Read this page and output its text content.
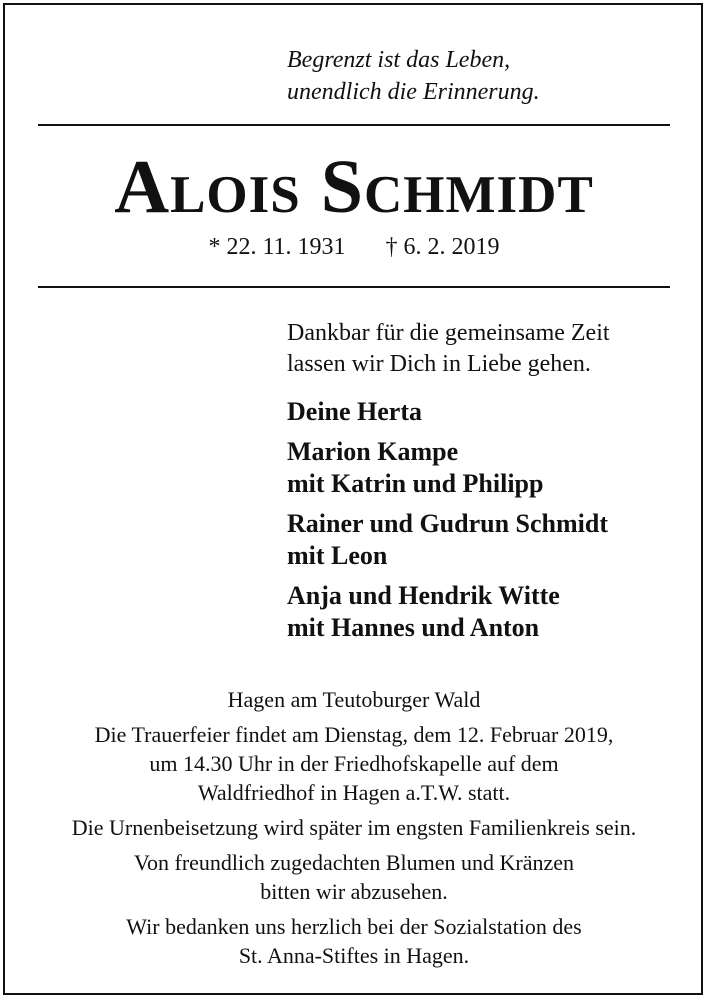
Begrenzt ist das Leben,
unendlich die Erinnerung.
Alois Schmidt
* 22. 11. 1931 † 6. 2. 2019
Dankbar für die gemeinsame Zeit
lassen wir Dich in Liebe gehen.
Deine Herta
Marion Kampe
mit Katrin und Philipp
Rainer und Gudrun Schmidt
mit Leon
Anja und Hendrik Witte
mit Hannes und Anton

Hagen am Teutoburger Wald

Die Trauerfeier findet am Dienstag, dem 12. Februar 2019,
um 14.30 Uhr in der Friedhofskapelle auf dem
Waldfriedhof in Hagen a.T.W. statt.

Die Urnenbeisetzung wird später im engsten Familienkreis sein.

Von freundlich zugedachten Blumen und Kränzen
bitten wir abzusehen.

Wir bedanken uns herzlich bei der Sozialstation des
St. Anna-Stiftes in Hagen.
